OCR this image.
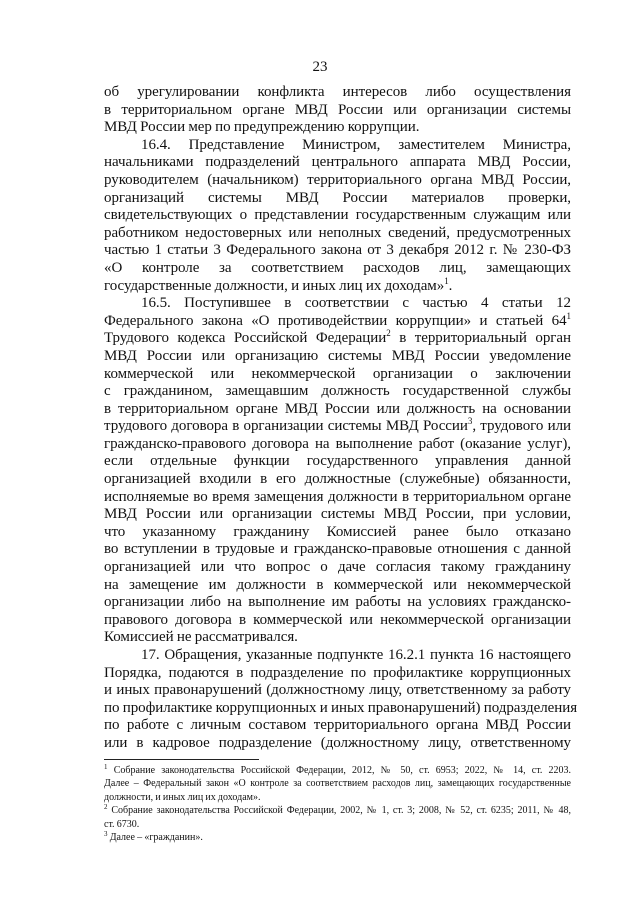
23
об урегулировании конфликта интересов либо осуществления
в территориальном органе МВД России или организации системы
МВД России мер по предупреждению коррупции.
16.4. Представление Министром, заместителем Министра,
начальниками подразделений центрального аппарата МВД России,
руководителем (начальником) территориального органа МВД России,
организаций системы МВД России материалов проверки,
свидетельствующих о представлении государственным служащим или
работником недостоверных или неполных сведений, предусмотренных
частью 1 статьи 3 Федерального закона от 3 декабря 2012 г. № 230-ФЗ
«О контроле за соответствием расходов лиц, замещающих
государственные должности, и иных лиц их доходам»$^1$.
16.5. Поступившее в соответствии с частью 4 статьи 12
Федерального закона «О противодействии коррупции» и статьей $64^1$
Трудового кодекса Российской Федерации$^2$ в территориальный орган
МВД России или организацию системы МВД России уведомление
коммерческой или некоммерческой организации о заключении
с гражданином, замещавшим должность государственной службы
в территориальном органе МВД России или должность на основании
трудового договора в организации системы МВД России$^3$, трудового или
гражданско-правового договора на выполнение работ (оказание услуг),
если отдельные функции государственного управления данной
организацией входили в его должностные (служебные) обязанности,
исполняемые во время замещения должности в территориальном органе
МВД России или организации системы МВД России, при условии,
что указанному гражданину Комиссией ранее было отказано
во вступлении в трудовые и гражданско-правовые отношения с данной
организацией или что вопрос о даче согласия такому гражданину
на замещение им должности в коммерческой или некоммерческой
организации либо на выполнение им работы на условиях гражданско-
правового договора в коммерческой или некоммерческой организации
Комиссией не рассматривался.
17. Обращения, указанные подпункте 16.2.1 пункта 16 настоящего
Порядка, подаются в подразделение по профилактике коррупционных
и иных правонарушений (должностному лицу, ответственному за работу
по профилактике коррупционных и иных правонарушений) подразделения
по работе с личным составом территориального органа МВД России
или в кадровое подразделение (должностному лицу, ответственному
$^1$ Собрание законодательства Российской Федерации, 2012, № 50, ст. 6953; 2022, № 14, ст. 2203.
Далее – Федеральный закон «О контроле за соответствием расходов лиц, замещающих государственные
должности, и иных лиц их доходам».
$^2$ Собрание законодательства Российской Федерации, 2002, № 1, ст. 3; 2008, № 52, ст. 6235; 2011, № 48,
ст. 6730.
$^3$ Далее – «гражданин».
